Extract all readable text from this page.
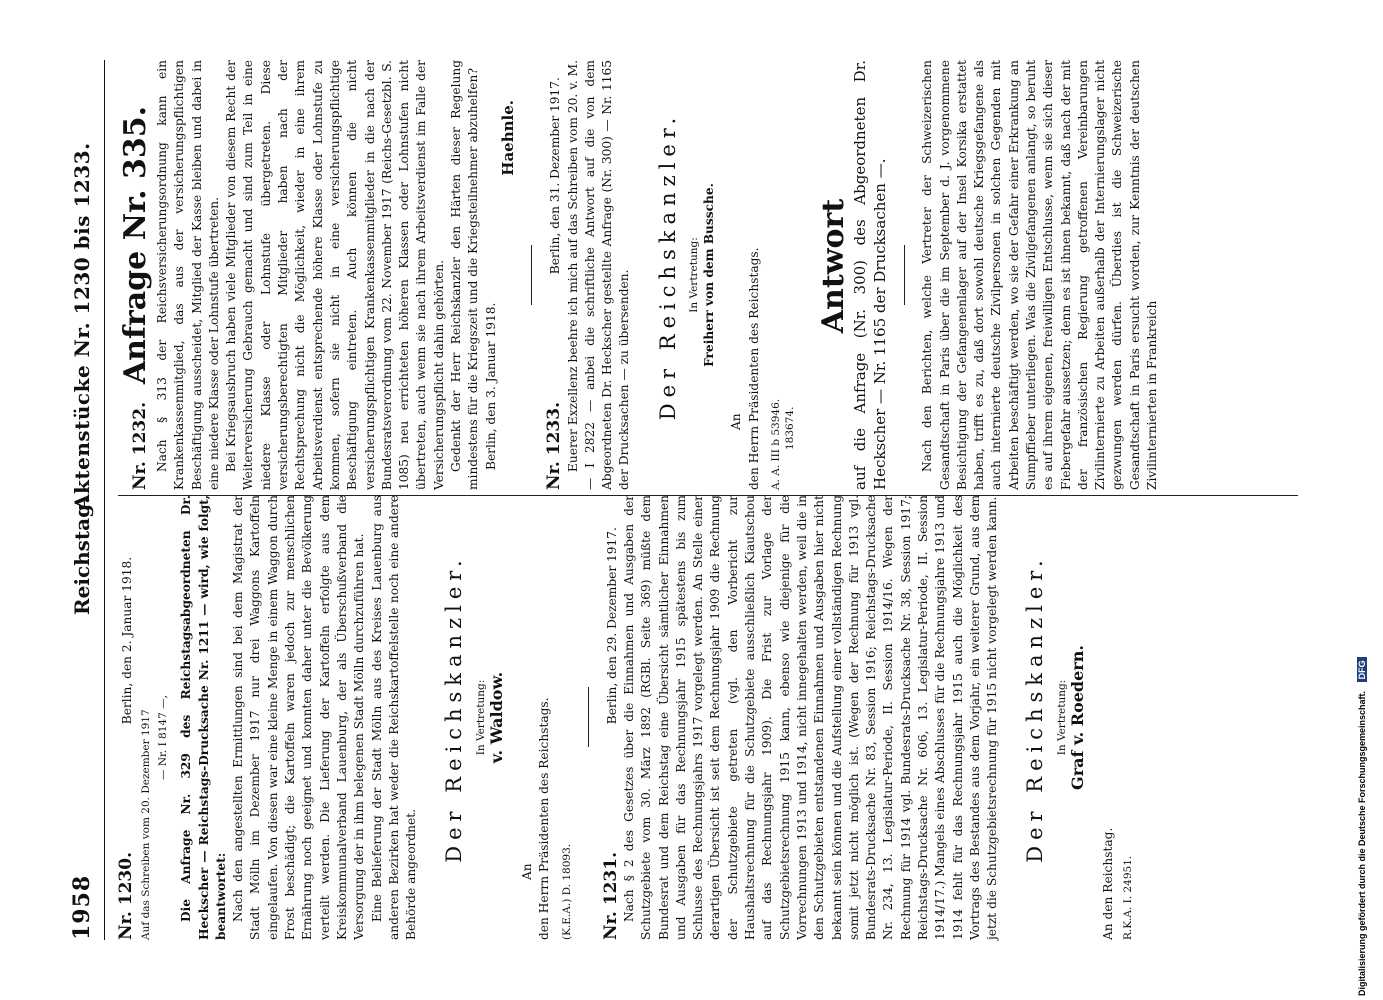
1958
Reichstag.
Aktenstücke Nr. 1230 bis 1233.

Nr. 1230.  Berlin, den 2. Januar 1918.

Auf das Schreiben vom 20. Dezember 1917 — Nr. I 8147 —, Die Anfrage Nr. 329 des Reichstagsabgeordneten Dr. Heckscher — Reichstags-Drucksache Nr. 1211 — wird, wie folgt, beantwortet: Nach den angestellten Ermittlungen sind bei dem Magistrat der Stadt Mölln im Dezember 1917 nur drei Waggons Kartoffeln eingelaufen. Von diesen war eine kleine Menge in einem Waggon durch Frost beschädigt; die Kartoffeln waren jedoch zur menschlichen Ernährung noch geeignet und konnten daher unter die Bevölkerung verteilt werden. Die Lieferung der Kartoffeln erfolgte aus dem Kreiskommunalverband Lauenburg, der als Überschußverband die Versorgung der in ihm belegenen Stadt Mölln durchzuführen hat. Eine Belieferung der Stadt Mölln aus des Kreises Lauenburg aus anderen Bezirken hat weder die Reichskartoffelstelle noch eine andere Behörde angeordnet.

Der Reichskanzler. In Vertretung: v. Waldow.

An den Herrn Präsidenten des Reichstags. (K.E.A.) D. 18093. Nr. 1231.  Berlin, den 29. Dezember 1917. Nach § 2 des Gesetzes über die Einnahmen und Ausgaben der Schutzgebiete vom 30. März 1892 (RGBl. Seite 369) müßte dem Bundesrat und dem Reichstag eine Übersicht sämtlicher Einnahmen und Ausgaben für das Rechnungsjahr 1915 spätestens bis zum Schlusse des Rechnungsjahrs 1917 vorgelegt werden. An Stelle einer derartigen Übersicht ist seit dem Rechnungsjahr 1909 die Rechnung der Schutzgebiete getreten (vgl. den Vorbericht zur Haushaltsrechnung für die Schutzgebiete ausschließlich Kiautschou auf das Rechnungsjahr 1909). Die Frist zur Vorlage der Schutzgebietsrechnung 1915 kann, ebenso wie diejenige für die Vorrechnungen 1913 und 1914, nicht innegehalten werden, weil die in den Schutzgebieten entstandenen Einnahmen und Ausgaben hier nicht bekannt sein können und die Aufstellung einer vollständigen Rechnung somit jetzt nicht möglich ist. (Wegen der Rechnung für 1913 vgl. Bundesrats-Drucksache Nr. 83, Session 1916; Reichstags-Drucksache Nr. 234, 13. Legislatur-Periode, II. Session 1914/16. Wegen der Rechnung für 1914 vgl. Bundesrats-Drucksache Nr. 38, Session 1917; Reichstags-Drucksache Nr. 606, 13. Legislatur-Periode, II. Session 1914/17.) Mangels eines Abschlusses für die Rechnungsjahre 1913 und 1914 fehlt für das Rechnungsjahr 1915 auch die Möglichkeit des Vortrags des Bestandes aus dem Vorjahr, ein weiterer Grund, aus dem jetzt die Schutzgebietsrechnung für 1915 nicht vorgelegt werden kann. Der Reichskanzler. In Vertretung: Graf v. Roedern.

An den Reichstag. R.K.A. I. 24951.

Nr. 1232. Anfrage Nr. 335. Nach § 313 der Reichsversicherungsordnung kann ein Krankenkassenmitglied, das aus der versicherungspflichtigen Beschäftigung ausscheidet, Mitglied der Kasse bleiben und dabei in eine niedere Klasse oder Lohnstufe übertreten. Bei Kriegsausbruch haben viele Mitglieder von diesem Recht der Weiterversicherung Gebrauch gemacht und sind zum Teil in eine niedere Klasse oder Lohnstufe übergetreten. Diese versicherungsberechtigten Mitglieder haben nach der Rechtsprechung nicht die Möglichkeit, wieder in eine ihrem Arbeitsverdienst entsprechende höhere Klasse oder Lohnstufe zu kommen, sofern sie nicht in eine versicherungspflichtige Beschäftigung eintreten. Auch können die nicht versicherungspflichtigen Krankenkassenmitglieder in die nach der Bundesratsverordnung vom 22. November 1917 (Reichs-Gesetzbl. S. 1085) neu errichteten höheren Klassen oder Lohnstufen nicht übertreten, auch wenn sie nach ihrem Arbeitsverdienst im Falle der Versicherungspflicht dahin gehörten. Gedenkt der Herr Reichskanzler den Härten dieser Regelung mindestens für die Kriegszeit und die Kriegsteilnehmer abzuhelfen? Berlin, den 3. Januar 1918.

Haehnle.

Nr. 1233.  Berlin, den 31. Dezember 1917. Euerer Exzellenz beehre ich mich auf das Schreiben vom 20. v. M. — I 2822 — anbei die schriftliche Antwort auf die von dem Abgeordneten Dr. Heckscher gestellte Anfrage (Nr. 300) — Nr. 1165 der Drucksachen — zu übersenden. Der Reichskanzler. In Vertretung: Freiherr von dem Bussche.

An den Herrn Präsidenten des Reichstags. A. A. III b 53946. 183674.

Antwort auf die Anfrage (Nr. 300) des Abgeordneten Dr. Heckscher — Nr. 1165 der Drucksachen —.	Nach den Berichten, welche Vertreter der Schweizerischen Gesandtschaft in Paris über die im September d. J. vorgenommene Besichtigung der Gefangenenlager auf der Insel Korsika erstattet haben, trifft es zu, daß dort sowohl deutsche Kriegsgefangene als auch internierte deutsche Zivilpersonen in solchen Gegenden mit Arbeiten beschäftigt werden, wo sie der Gefahr einer Erkrankung an Sumpffieber unterliegen. Was die Zivilgefangenen anlangt, so beruht es auf ihrem eigenen, freiwilligen Entschlusse, wenn sie sich dieser Fiebergefahr aussetzen; denn es ist ihnen bekannt, daß nach der mit der französischen Regierung getroffenen Vereinbarungen Zivilinternierte zu Arbeiten außerhalb der Internierungslager nicht gezwungen werden dürfen. Überdies ist die Schweizerische Gesandtschaft in Paris ersucht worden, zur Kenntnis der deutschen Zivilinternierten in Frankreich

Digitalisierung gefördert durch die Deutsche Forschungsgemeinschaft. DFG
